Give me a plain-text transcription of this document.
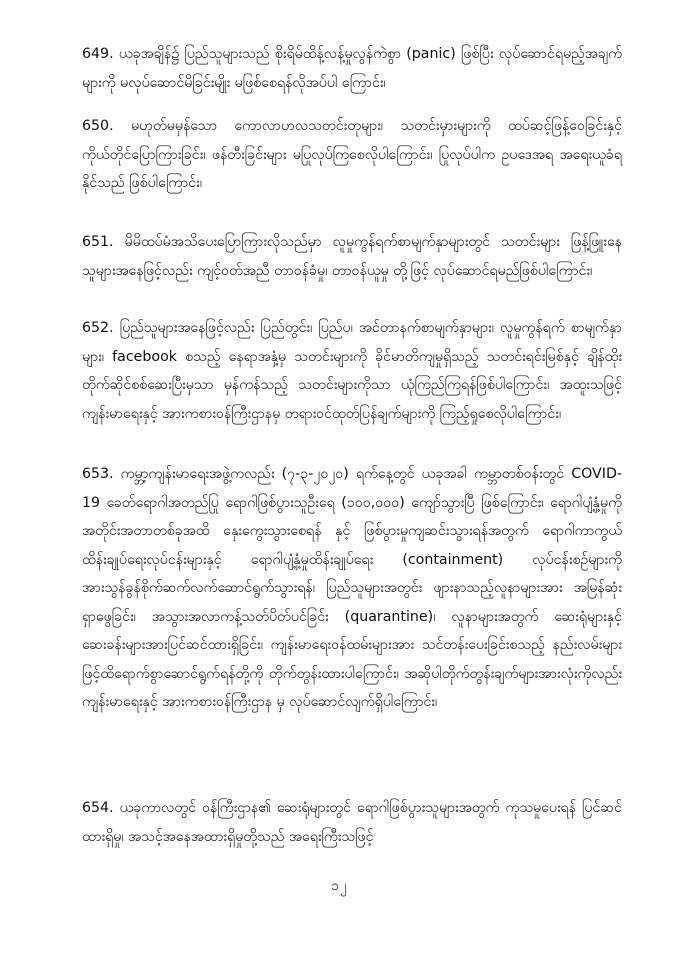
649. ယခုအချိန်၌ ပြည်သူများသည် စိုးရိမ်ထိန့်လန့်မှုလွန်ကဲစွာ (panic) ဖြစ်ပြီး လုပ်ဆောင်ရမည့်အချက်များကို မလုပ်ဆောင်မိခြင်းမျိုး မဖြစ်စေရန်လိုအပ်ပါ ကြောင်း၊
650. မဟုတ်မမှန်သော ကောလာဟလသတင်းတုများ၊ သတင်းမှားများကို ထပ်ဆင့်ဖြန့်ဝေခြင်းနှင့် ကိုယ်တိုင်ပြောကြားခြင်း၊ ဖန်တီးခြင်းများ မပြုလုပ်ကြစေလိုပါကြောင်း၊ ပြုလုပ်ပါက ဥပဒေအရ အရေးယူခံရနိုင်သည် ဖြစ်ပါကြောင်း၊
651. မိမိထပ်မံအသိပေးပြောကြားလိုသည်မှာ လူမှုကွန်ရက်စာမျက်နှာများတွင် သတင်းများ ဖြန့်ဖြူးနေသူများအနေဖြင့်လည်း ကျင့်ဝတ်အညီ တာဝန်ခံမှု၊ တာဝန်ယူမှု တို့ဖြင့် လုပ်ဆောင်ရမည်ဖြစ်ပါကြောင်း၊
652. ပြည်သူများအနေဖြင့်လည်း ပြည်တွင်း၊ ပြည်ပ၊ အင်တာနက်စာမျက်နှာများ၊ လူမှုကွန်ရက် စာမျက်နှာများ၊ facebook စသည့် နေရာအနှံ့မှ သတင်းများကို ခိုင်မာတိကျမှုရှိသည့် သတင်းရင်းမြစ်နှင့် ချိန်ထိုးတိုက်ဆိုင်စစ်ဆေးပြီးမှသာ မှန်ကန်သည့် သတင်းများကိုသာ ယုံကြည်ကြရန်ဖြစ်ပါကြောင်း၊ အထူးသဖြင့် ကျန်းမာရေးနှင့် အားကစားဝန်ကြီးဌာနမှ တရားဝင်ထုတ်ပြန်ချက်များကို ကြည့်ရှုစေလိုပါကြောင်း၊
653. ကမ္ဘာ့ကျန်းမာရေးအဖွဲ့ကလည်း (၇-၃-၂၀၂၀) ရက်နေ့တွင် ယခုအခါ ကမ္ဘာတစ်ဝန်းတွင် COVID-19 ခေတ်ရောဂါအတည်ပြု ရောဂါဖြစ်ပွားသူဦးရေ (၁၀၀,၀၀၀) ကျော်သွားပြီ ဖြစ်ကြောင်း၊ ရောဂါပျံ့နှံ့မှုကို အတိုင်းအတာတစ်ခုအထိ နှေးကွေးသွားစေရန် နှင့် ဖြစ်ပွားမှုကျဆင်းသွားရန်အတွက် ရောဂါကာကွယ်ထိန်းချုပ်ရေးလုပ်ငန်းများနှင့် ရောဂါပျံ့နှံ့မှုထိန်းချုပ်ရေး (containment) လုပ်ငန်းစဉ်များကို အားသွန်ခွန်စိုက်ဆက်လက်ဆောင်ရွက်သွားရန်၊ ပြည်သူများအတွင်း ဖျားနာသည့်လူနာများအား အမြန်ဆုံး ရှာဖွေခြင်း၊ အသွားအလာကန့်သတ်ပိတ်ပင်ခြင်း (quarantine)၊ လူနာများအတွက် ဆေးရုံများနှင့် ဆေးခန်းများအားပြင်ဆင်ထားရှိခြင်း၊ ကျန်းမာရေးဝန်ထမ်းများအား သင်တန်းပေးခြင်းစသည့် နည်းလမ်းများဖြင့်ထိရောက်စွာဆောင်ရွက်ရန်တို့ကို တိုက်တွန်းထားပါကြောင်း၊ အဆိုပါတိုက်တွန်းချက်များအားလုံးကိုလည်း ကျန်းမာရေးနှင့် အားကစားဝန်ကြီးဌာန မှ လုပ်ဆောင်လျက်ရှိပါကြောင်း၊
654. ယခုကာလတွင် ဝန်ကြီးဌာန၏ ဆေးရုံများတွင် ရောဂါဖြစ်ပွားသူများအတွက် ကုသမှုပေးရန် ပြင်ဆင်ထားရှိမှု၊ အသင့်အနေအထားရှိမှုတို့သည် အရေးကြီးသဖြင့်
၁၂
